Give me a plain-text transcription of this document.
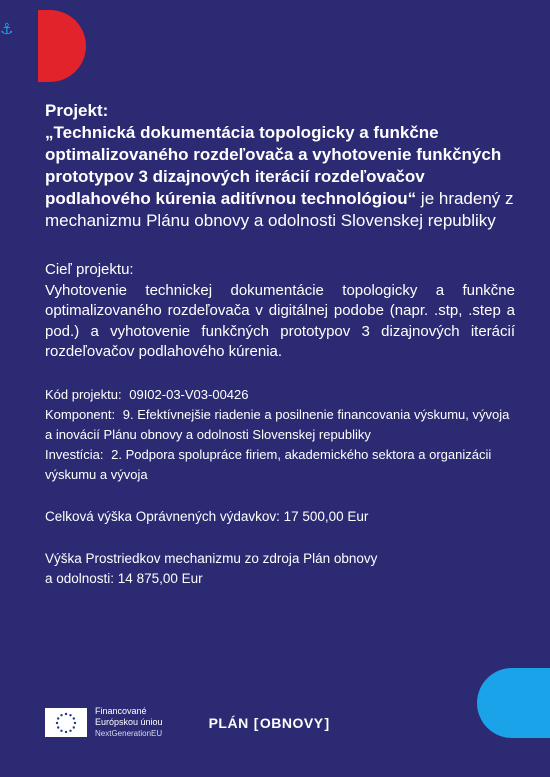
⚓
Projekt:
„Technická dokumentácia topologicky a funkčne optimalizovaného rozdeľovača a vyhotovenie funkčných prototypov 3 dizajnových iterácií rozdeľovačov podlahového kúrenia aditívnou technológiou“ je hradený z mechanizmu Plánu obnovy a odolnosti Slovenskej republiky
Cieľ projektu:
Vyhotovenie technickej dokumentácie topologicky a funkčne optimalizovaného rozdeľovača v digitálnej podobe (napr. .stp, .step a pod.) a vyhotovenie funkčných prototypov 3 dizajnových iterácií rozdeľovačov podlahového kúrenia.
Kód projektu: 09I02-03-V03-00426
Komponent: 9. Efektívnejšie riadenie a posilnenie financovania výskumu, vývoja a inovácií Plánu obnovy a odolnosti Slovenskej republiky
Investícia: 2. Podpora spolupráce firiem, akademického sektora a organizácii výskumu a vývoja
Celková výška Oprávnených výdavkov: 17 500,00 Eur
Výška Prostriedkov mechanizmu zo zdroja Plán obnovy
a odolnosti: 14 875,00 Eur
Financované
Európskou úniou
NextGenerationEU
PLÁN [ OBNOVY ]
